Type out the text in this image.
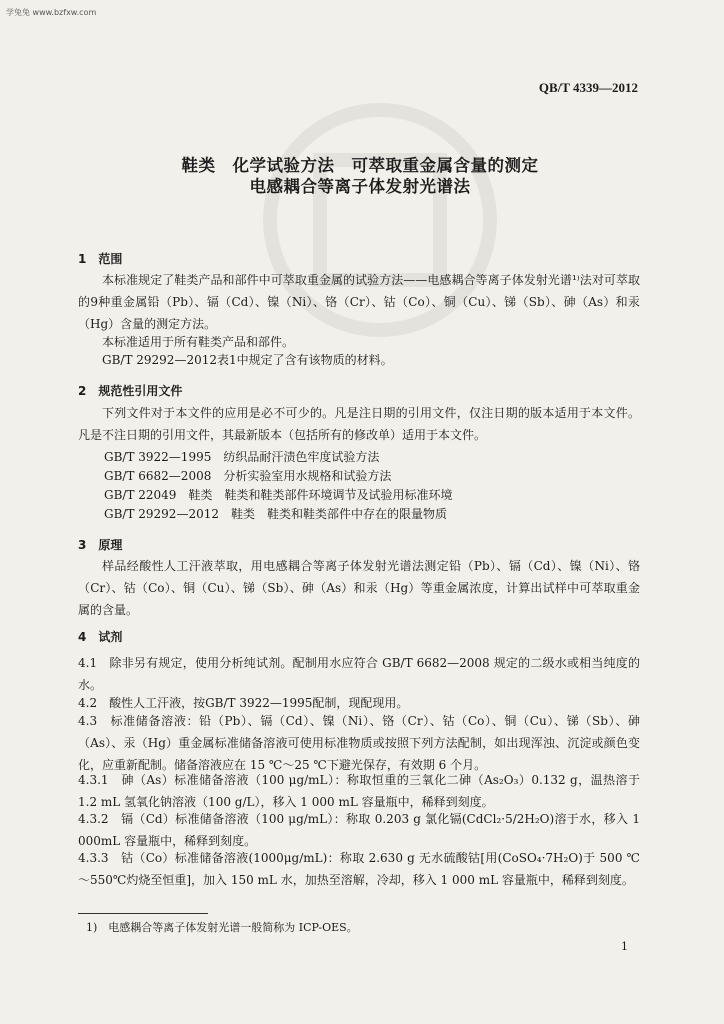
学兔兔 www.bzfxw.com
QB/T 4339—2012
鞋类　化学试验方法　可萃取重金属含量的测定
电感耦合等离子体发射光谱法
1　范围
本标准规定了鞋类产品和部件中可萃取重金属的试验方法——电感耦合等离子体发射光谱¹⁾法对可萃取的9种重金属铅（Pb）、镉（Cd）、镍（Ni）、铬（Cr）、钴（Co）、铜（Cu）、锑（Sb）、砷（As）和汞（Hg）含量的测定方法。
本标准适用于所有鞋类产品和部件。
GB/T 29292—2012表1中规定了含有该物质的材料。
2　规范性引用文件
下列文件对于本文件的应用是必不可少的。凡是注日期的引用文件，仅注日期的版本适用于本文件。凡是不注日期的引用文件，其最新版本（包括所有的修改单）适用于本文件。
GB/T 3922—1995　纺织品耐汗渍色牢度试验方法
GB/T 6682—2008　分析实验室用水规格和试验方法
GB/T 22049　鞋类　鞋类和鞋类部件环境调节及试验用标准环境
GB/T 29292—2012　鞋类　鞋类和鞋类部件中存在的限量物质
3　原理
样品经酸性人工汗液萃取，用电感耦合等离子体发射光谱法测定铅（Pb）、镉（Cd）、镍（Ni）、铬（Cr）、钴（Co）、铜（Cu）、锑（Sb）、砷（As）和汞（Hg）等重金属浓度，计算出试样中可萃取重金属的含量。
4　试剂
4.1　除非另有规定，使用分析纯试剂。配制用水应符合 GB/T 6682—2008 规定的二级水或相当纯度的水。
4.2　酸性人工汗液，按GB/T 3922—1995配制，现配现用。
4.3　标准储备溶液：铅（Pb）、镉（Cd）、镍（Ni）、铬（Cr）、钴（Co）、铜（Cu）、锑（Sb）、砷（As）、汞（Hg）重金属标准储备溶液可使用标准物质或按照下列方法配制，如出现浑浊、沉淀或颜色变化，应重新配制。储备溶液应在 15 ℃～25 ℃下避光保存，有效期 6 个月。
4.3.1　砷（As）标准储备溶液（100 μg/mL）：称取恒重的三氧化二砷（As₂O₃）0.132 g，温热溶于 1.2 mL 氢氧化钠溶液（100 g/L），移入 1 000 mL 容量瓶中，稀释到刻度。
4.3.2　镉（Cd）标准储备溶液（100 μg/mL）：称取 0.203 g 氯化镉(CdCl₂·5/2H₂O)溶于水，移入 1 000mL 容量瓶中，稀释到刻度。
4.3.3　钴（Co）标准储备溶液(1000μg/mL)：称取 2.630 g 无水硫酸钴[用(CoSO₄·7H₂O)于 500 ℃～550℃灼烧至恒重]，加入 150 mL 水，加热至溶解，冷却，移入 1 000 mL 容量瓶中，稀释到刻度。
1)　电感耦合等离子体发射光谱一般简称为 ICP-OES。
1
